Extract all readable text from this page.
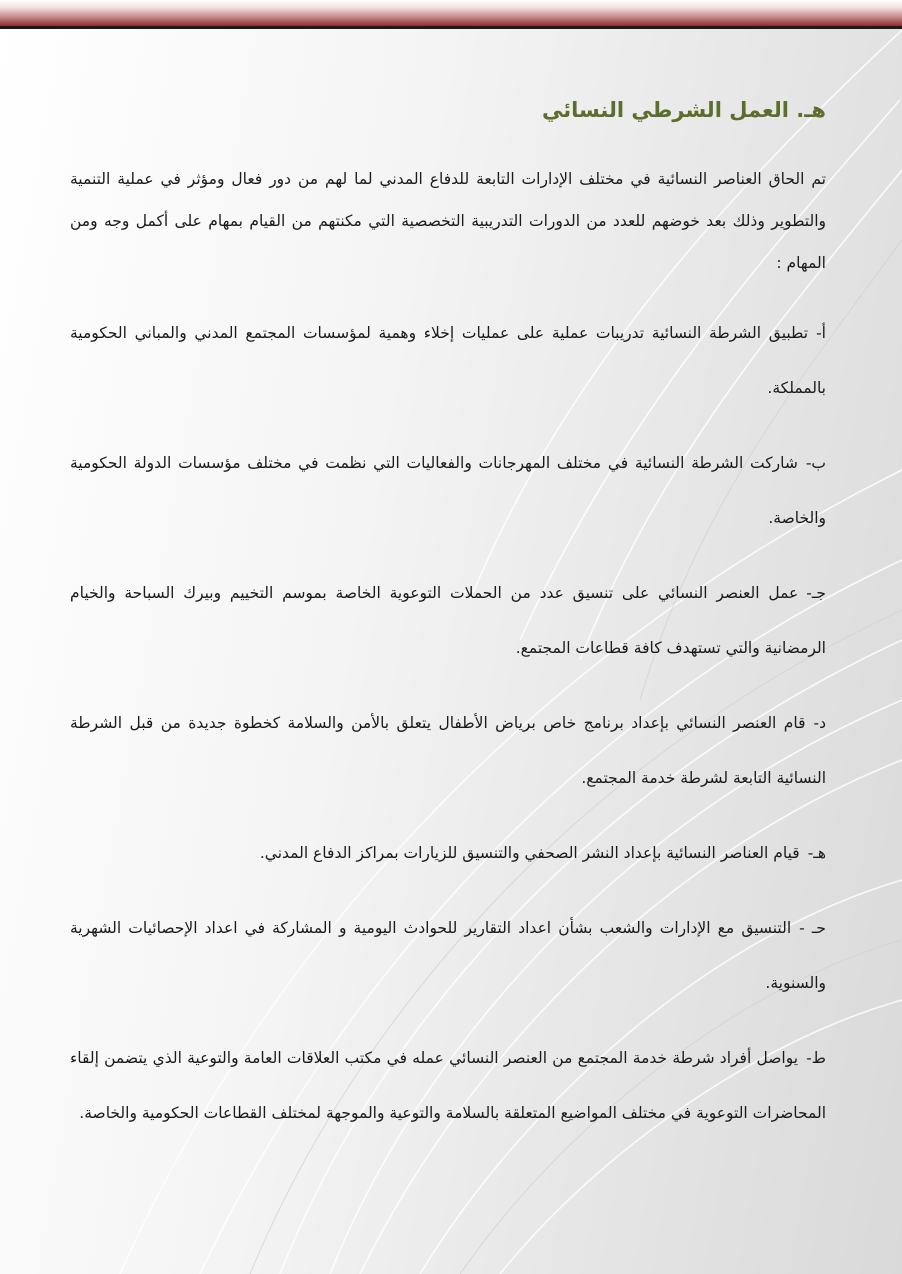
هـ. العمل الشرطي النسائي

تم الحاق العناصر النسائية في مختلف الإدارات التابعة للدفاع المدني لما لهم من دور فعال ومؤثر في عملية التنمية والتطوير وذلك بعد خوضهم للعدد من الدورات التدريبية التخصصية التي مكنتهم من القيام بمهام على أكمل وجه ومن المهام :

أ-تطبيق الشرطة النسائية تدريبات عملية على عمليات إخلاء وهمية لمؤسسات المجتمع المدني والمباني الحكومية بالمملكة.

ب-شاركت الشرطة النسائية في مختلف المهرجانات والفعاليات التي نظمت في مختلف مؤسسات الدولة الحكومية والخاصة.

جـ-عمل العنصر النسائي على تنسيق عدد من الحملات التوعوية الخاصة بموسم التخييم وبيرك السباحة والخيام الرمضانية والتي تستهدف كافة قطاعات المجتمع.

د-قام العنصر النسائي بإعداد برنامج خاص برياض الأطفال يتعلق بالأمن والسلامة كخطوة جديدة من قبل الشرطة النسائية التابعة لشرطة خدمة المجتمع.

هـ-قيام العناصر النسائية بإعداد النشر الصحفي والتنسيق للزيارات بمراكز الدفاع المدني.

حـ -التنسيق مع الإدارات والشعب بشأن اعداد التقارير للحوادث اليومية و المشاركة في اعداد الإحصائيات الشهرية والسنوية.

ط-يواصل أفراد شرطة خدمة المجتمع من العنصر النسائي عمله في مكتب العلاقات العامة والتوعية الذي يتضمن إلقاء المحاضرات التوعوية في مختلف المواضيع المتعلقة بالسلامة والتوعية والموجهة لمختلف القطاعات الحكومية والخاصة.
